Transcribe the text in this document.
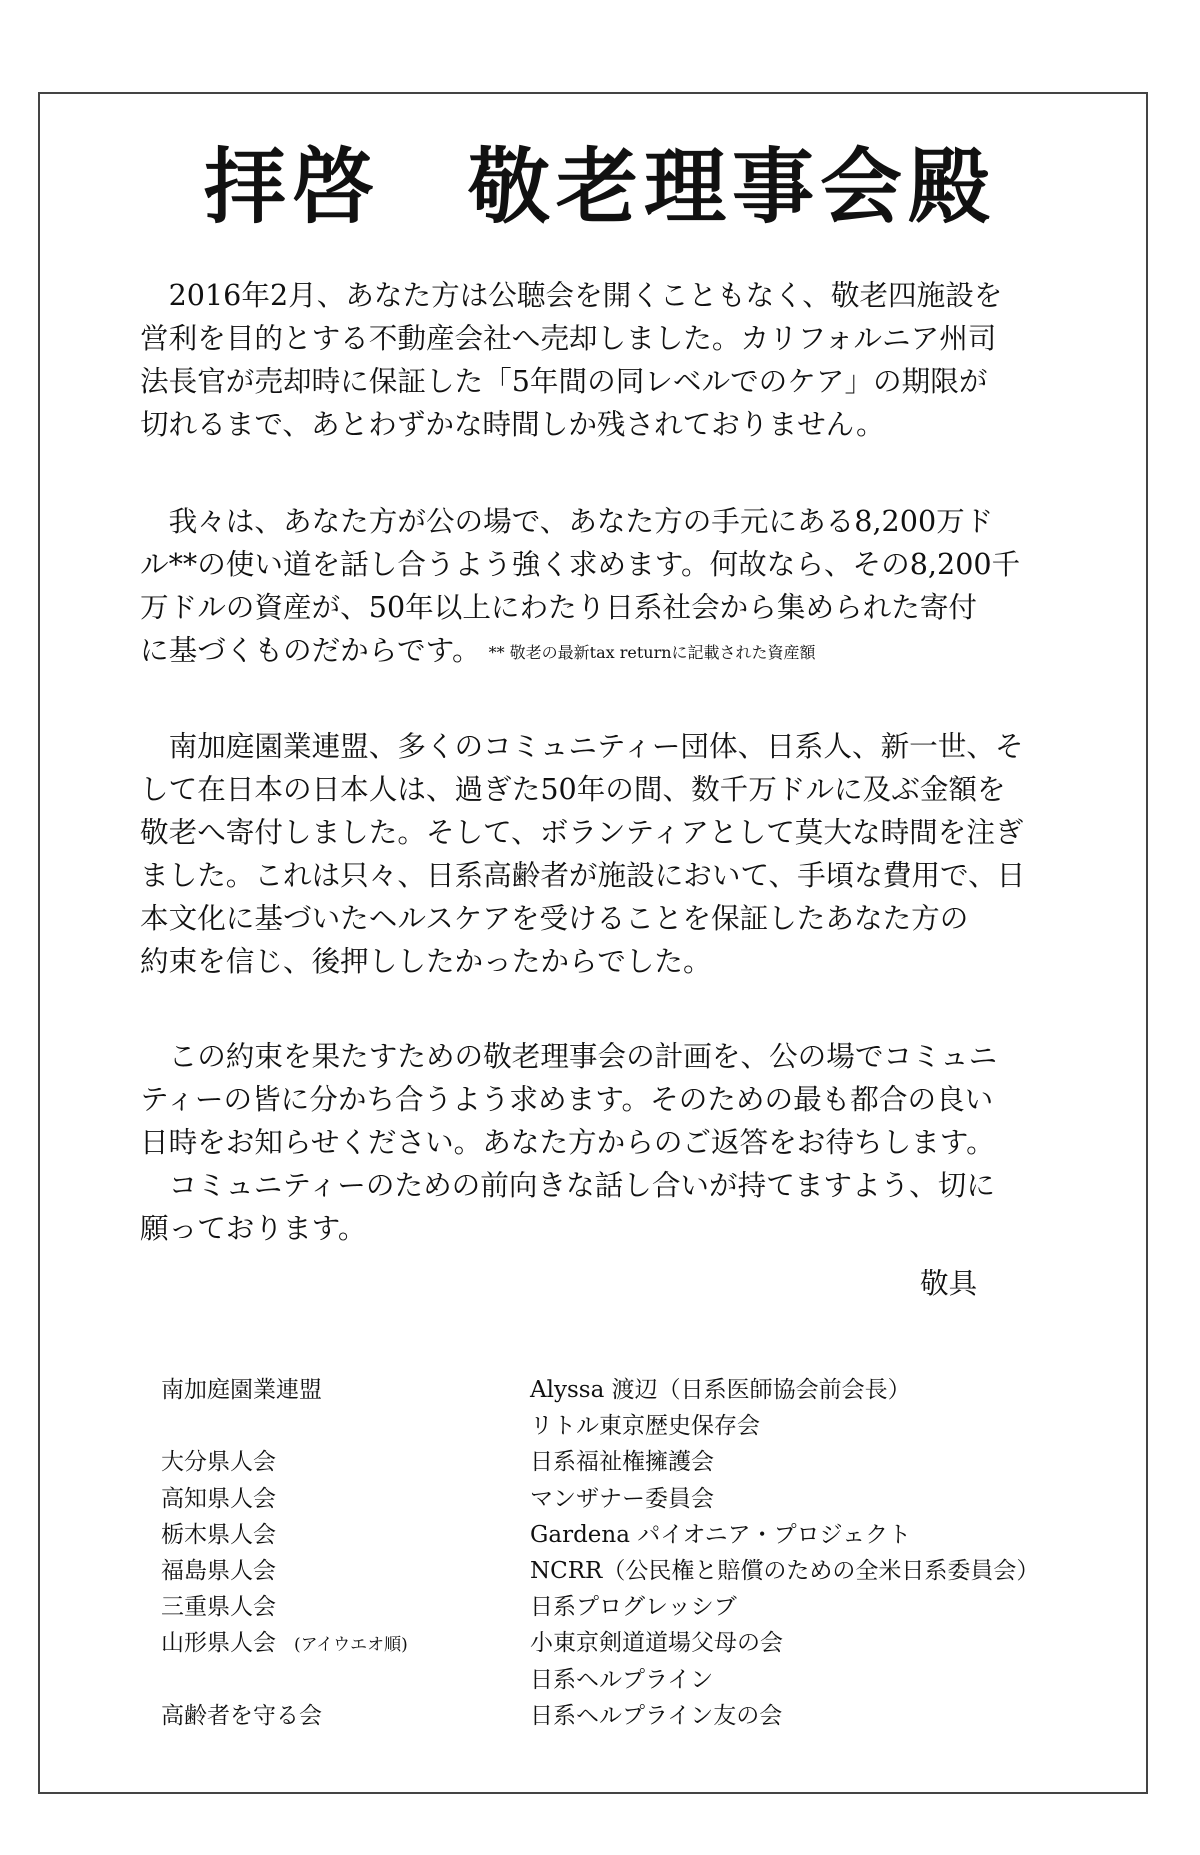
拝啓　敬老理事会殿
　2016年2月、あなた方は公聴会を開くこともなく、敬老四施設を
営利を目的とする不動産会社へ売却しました。カリフォルニア州司
法長官が売却時に保証した「5年間の同レベルでのケア」の期限が
切れるまで、あとわずかな時間しか残されておりません。
　我々は、あなた方が公の場で、あなた方の手元にある8,200万ド
ル**の使い道を話し合うよう強く求めます。何故なら、その8,200千
万ドルの資産が、50年以上にわたり日系社会から集められた寄付
に基づくものだからです。 ** 敬老の最新tax returnに記載された資産額
　南加庭園業連盟、多くのコミュニティー団体、日系人、新一世、そ
して在日本の日本人は、過ぎた50年の間、数千万ドルに及ぶ金額を
敬老へ寄付しました。そして、ボランティアとして莫大な時間を注ぎ
ました。これは只々、日系高齢者が施設において、手頃な費用で、日
本文化に基づいたヘルスケアを受けることを保証したあなた方の
約束を信じ、後押ししたかったからでした。
　この約束を果たすための敬老理事会の計画を、公の場でコミュニ
ティーの皆に分かち合うよう求めます。そのための最も都合の良い
日時をお知らせください。あなた方からのご返答をお待ちします。
　コミュニティーのための前向きな話し合いが持てますよう、切に
願っております。
敬具
南加庭園業連盟
大分県人会
高知県人会
栃木県人会
福島県人会
三重県人会
山形県人会 (アイウエオ順)
高齢者を守る会
Alyssa 渡辺（日系医師協会前会長）
リトル東京歴史保存会
日系福祉権擁護会
マンザナー委員会
Gardena パイオニア・プロジェクト
NCRR（公民権と賠償のための全米日系委員会）
日系プログレッシブ
小東京剣道道場父母の会
日系ヘルプライン
日系ヘルプライン友の会
